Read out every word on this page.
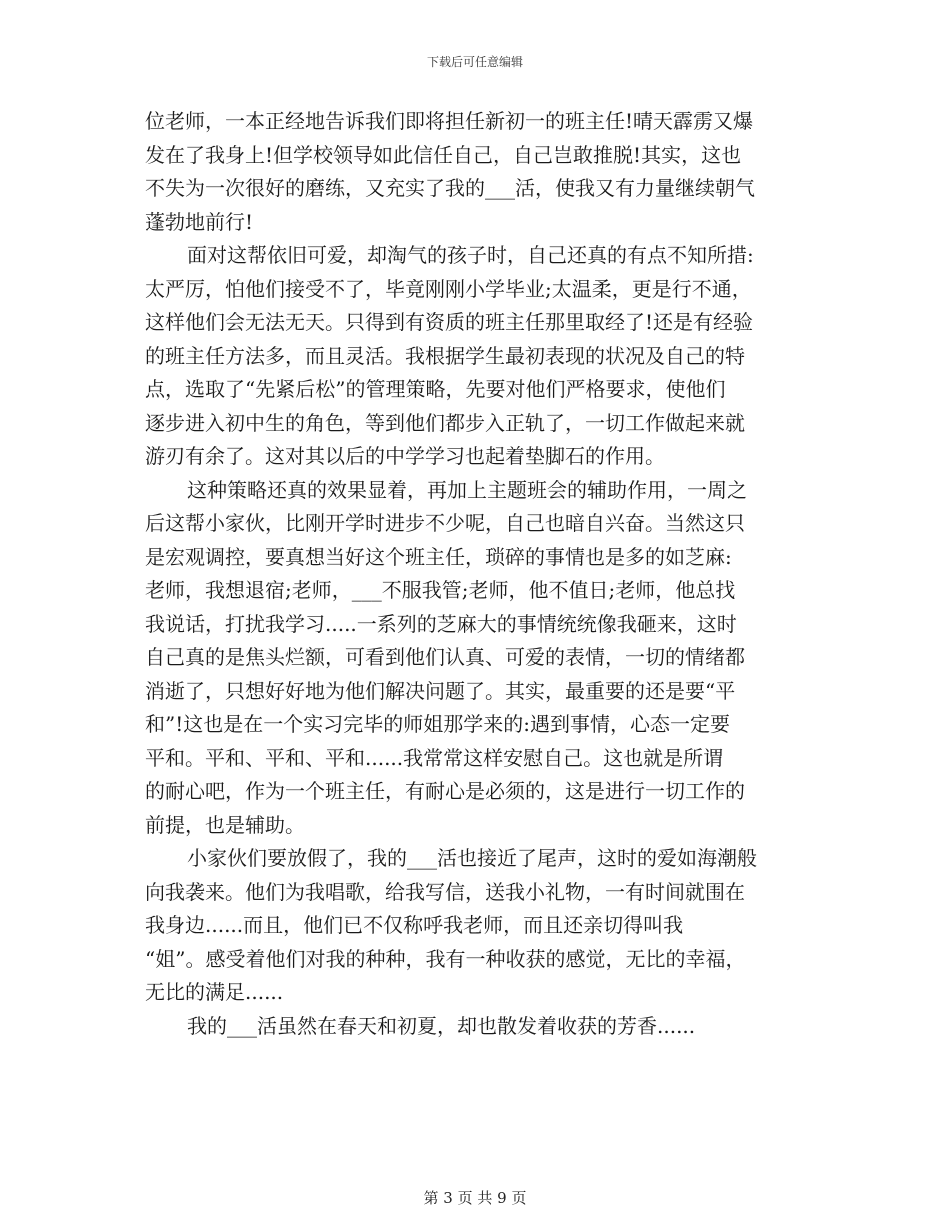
下载后可任意编辑
位老师，一本正经地告诉我们即将担任新初一的班主任!晴天霹雳又爆
发在了我身上!但学校领导如此信任自己，自己岂敢推脱!其实，这也
不失为一次很好的磨练，又充实了我的___活，使我又有力量继续朝气
蓬勃地前行!
面对这帮依旧可爱，却淘气的孩子时，自己还真的有点不知所措:
太严厉，怕他们接受不了，毕竟刚刚小学毕业;太温柔，更是行不通，
这样他们会无法无天。只得到有资质的班主任那里取经了!还是有经验
的班主任方法多，而且灵活。我根据学生最初表现的状况及自己的特
点，选取了“先紧后松”的管理策略，先要对他们严格要求，使他们
逐步进入初中生的角色，等到他们都步入正轨了，一切工作做起来就
游刃有余了。这对其以后的中学学习也起着垫脚石的作用。
这种策略还真的效果显着，再加上主题班会的辅助作用，一周之
后这帮小家伙，比刚开学时进步不少呢，自己也暗自兴奋。当然这只
是宏观调控，要真想当好这个班主任，琐碎的事情也是多的如芝麻:
老师，我想退宿;老师，___不服我管;老师，他不值日;老师，他总找
我说话，打扰我学习.....一系列的芝麻大的事情统统像我砸来，这时
自己真的是焦头烂额，可看到他们认真、可爱的表情，一切的情绪都
消逝了，只想好好地为他们解决问题了。其实，最重要的还是要“平
和”!这也是在一个实习完毕的师姐那学来的:遇到事情，心态一定要
平和。平和、平和、平和......我常常这样安慰自己。这也就是所谓
的耐心吧，作为一个班主任，有耐心是必须的，这是进行一切工作的
前提，也是辅助。
小家伙们要放假了，我的___活也接近了尾声，这时的爱如海潮般
向我袭来。他们为我唱歌，给我写信，送我小礼物，一有时间就围在
我身边......而且，他们已不仅称呼我老师，而且还亲切得叫我
“姐”。感受着他们对我的种种，我有一种收获的感觉，无比的幸福，
无比的满足......
我的___活虽然在春天和初夏，却也散发着收获的芳香......
第 3 页 共 9 页
